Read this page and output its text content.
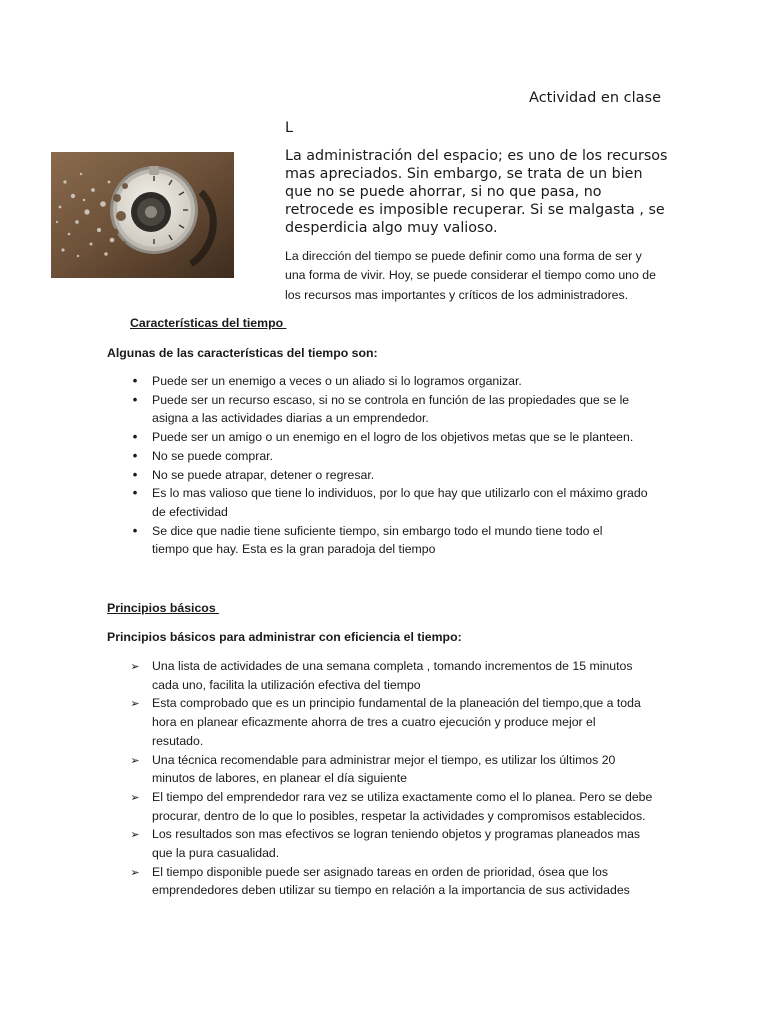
Actividad en clase
L

La administración del espacio; es uno de los recursos mas apreciados. Sin embargo, se trata de un bien que no se puede ahorrar, si no que pasa, no retrocede es imposible recuperar. Si se malgasta , se desperdicia algo muy valioso.

La dirección del tiempo se puede definir como una forma de ser y una forma de vivir. Hoy, se puede considerar el tiempo como uno de los recursos mas importantes y críticos de los administradores.

Características del tiempo

Algunas de las características del tiempo son:

•	Puede ser un enemigo a veces o un aliado si lo logramos organizar.
•	Puede ser un recurso escaso, si no se controla en función de las propiedades que se le
asigna a las actividades diarias a un emprendedor.
•	Puede ser un amigo o un enemigo en el logro de los objetivos metas que se le planteen.
•	No se puede comprar.
•	No se puede atrapar, detener o regresar.
•	Es lo mas valioso que tiene lo individuos, por lo que hay que utilizarlo con el máximo grado
de efectividad
•	Se dice que nadie tiene suficiente tiempo, sin embargo todo el mundo tiene todo el
tiempo que hay. Esta es la gran paradoja del tiempo

Principios básicos

Principios básicos para administrar con eficiencia el tiempo:

➢ Una lista de actividades de una semana completa , tomando incrementos de 15 minutos
cada uno, facilita la utilización efectiva del tiempo
➢ Esta comprobado que es un principio fundamental de la planeación del tiempo,que a toda
hora en planear eficazmente ahorra de tres a cuatro ejecución y produce mejor el
resutado.
➢ Una técnica recomendable para administrar mejor el tiempo, es utilizar los últimos 20
minutos de labores, en planear el día siguiente
➢ El tiempo del emprendedor rara vez se utiliza exactamente como el lo planea. Pero se debe
procurar, dentro de lo que lo posibles, respetar la actividades y compromisos establecidos.
➢ Los resultados son mas efectivos se logran teniendo objetos y programas planeados mas
que la pura casualidad.
➢ El tiempo disponible puede ser asignado tareas en orden de prioridad, ósea que los
emprendedores deben utilizar su tiempo en relación a la importancia de sus actividades
